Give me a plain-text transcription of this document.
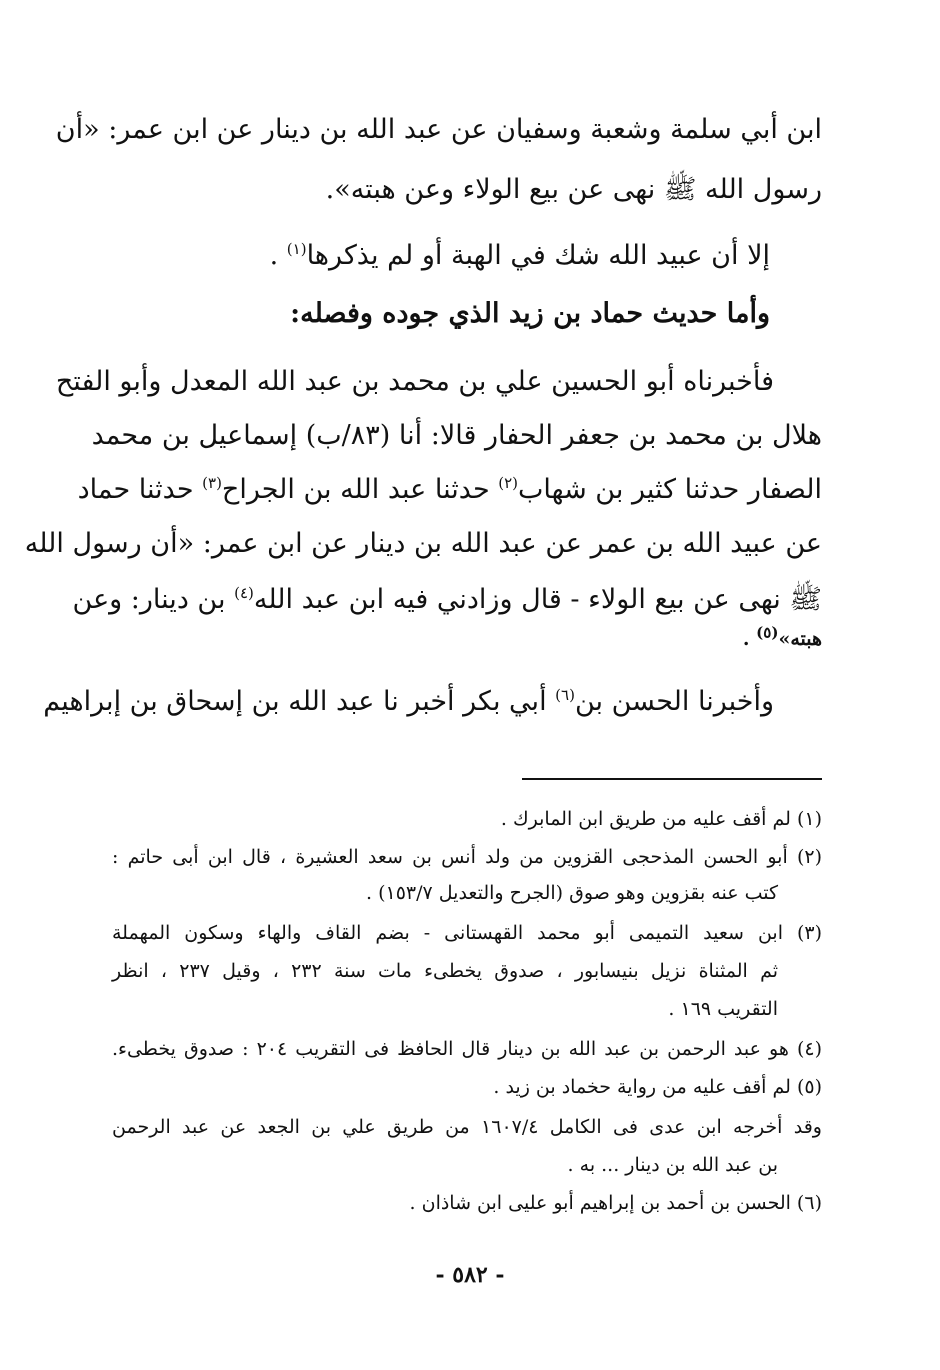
ابن أبي سلمة وشعبة وسفيان عن عبد الله بن دينار عن ابن عمر: «أن
رسول الله ﷺ نهى عن بيع الولاء وعن هبته».
إلا أن عبيد الله شك في الهبة أو لم يذكرها$^{(١)}$ .
وأما حديث حماد بن زيد الذي جوده وفصله:
فأخبرناه أبو الحسين علي بن محمد بن عبد الله المعدل وأبو الفتح
هلال بن محمد بن جعفر الحفار قالا: أنا (٨٣/ب) إسماعيل بن محمد
الصفار حدثنا كثير بن شهاب$^{(٢)}$ حدثنا عبد الله بن الجراح$^{(٣)}$ حدثنا حماد
عن عبيد الله بن عمر عن عبد الله بن دينار عن ابن عمر: «أن رسول الله
ﷺ نهى عن بيع الولاء - قال وزادني فيه ابن عبد الله$^{(٤)}$ بن دينار: وعن
هبته»$^{(٥)}$ .
وأخبرنا الحسن بن$^{(٦)}$ أبي بكر أخبر نا عبد الله بن إسحاق بن إبراهيم
(١) لم أقف عليه من طريق ابن المابرك .
(٢) أبو الحسن المذحجى القزوين من ولد أنس بن سعد العشيرة ، قال ابن أبى حاتم :
كتب عنه بقزوين وهو صوق (الجرح والتعديل ١٥٣/٧) .
(٣) ابن سعيد التميمى أبو محمد القهستانى - بضم القاف والهاء وسكون المهملة
ثم المثناة نزيل بنيسابور ، صدوق يخطىء مات سنة ٢٣٢ ، وقيل ٢٣٧ ، انظر
التقريب ١٦٩ .
(٤) هو عبد الرحمن بن عبد الله بن دينار قال الحافظ فى التقريب ٢٠٤ : صدوق يخطىء.
(٥) لم أقف عليه من رواية حخماد بن زيد .
وقد أخرجه ابن عدى فى الكامل ١٦٠٧/٤ من طريق علي بن الجعد عن عبد الرحمن
بن عبد الله بن دينار ... به .
(٦) الحسن بن أحمد بن إبراهيم أبو عليى ابن شاذان .
- ٥٨٢ -
